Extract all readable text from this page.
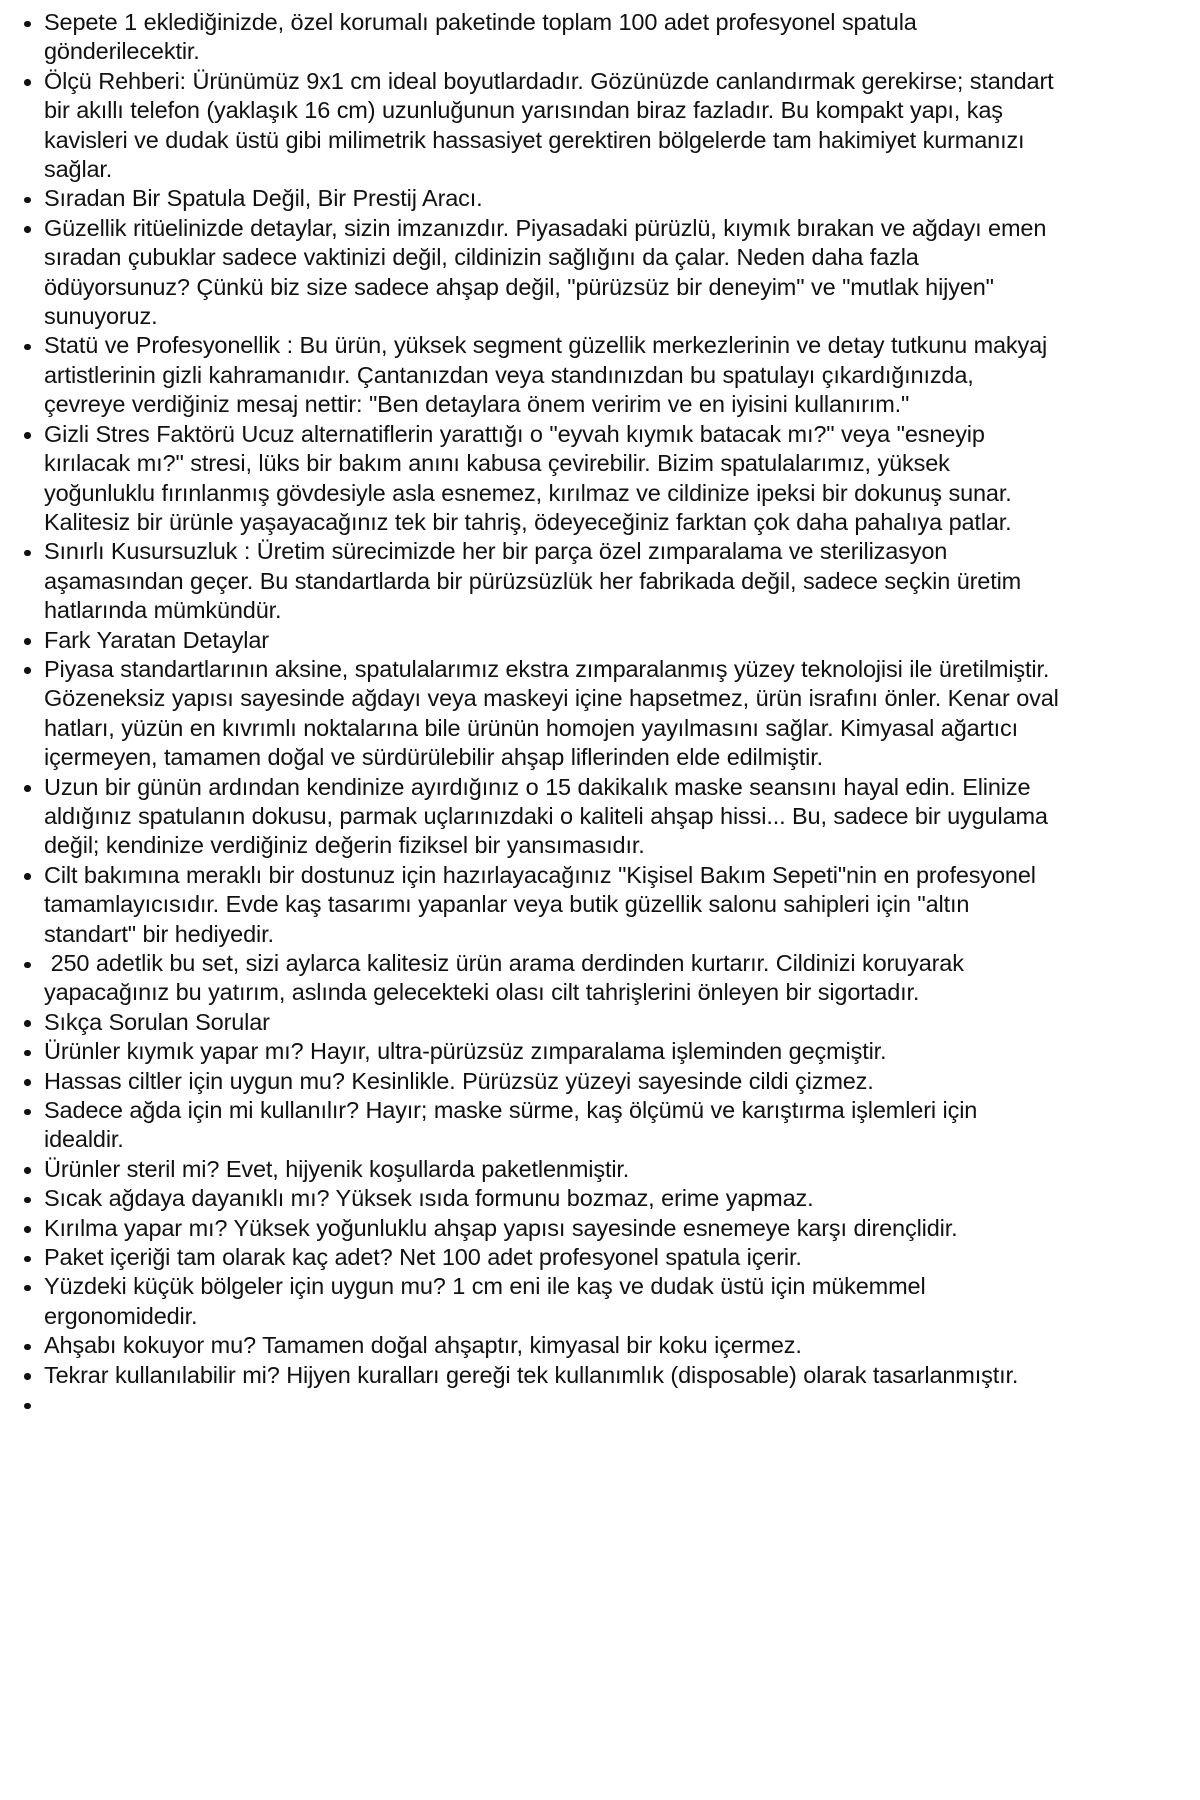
Sepete 1 eklediğinizde, özel korumalı paketinde toplam 100 adet profesyonel spatula gönderilecektir.
Ölçü Rehberi: Ürünümüz 9x1 cm ideal boyutlardadır. Gözünüzde canlandırmak gerekirse; standart bir akıllı telefon (yaklaşık 16 cm) uzunluğunun yarısından biraz fazladır. Bu kompakt yapı, kaş kavisleri ve dudak üstü gibi milimetrik hassasiyet gerektiren bölgelerde tam hakimiyet kurmanızı sağlar.
Sıradan Bir Spatula Değil, Bir Prestij Aracı.
Güzellik ritüelinizde detaylar, sizin imzanızdır. Piyasadaki pürüzlü, kıymık bırakan ve ağdayı emen sıradan çubuklar sadece vaktinizi değil, cildinizin sağlığını da çalar. Neden daha fazla ödüyorsunuz? Çünkü biz size sadece ahşap değil, "pürüzsüz bir deneyim" ve "mutlak hijyen" sunuyoruz.
Statü ve Profesyonellik : Bu ürün, yüksek segment güzellik merkezlerinin ve detay tutkunu makyaj artistlerinin gizli kahramanıdır. Çantanızdan veya standınızdan bu spatulayı çıkardığınızda, çevreye verdiğiniz mesaj nettir: "Ben detaylara önem veririm ve en iyisini kullanırım."
Gizli Stres Faktörü Ucuz alternatiflerin yarattığı o "eyvah kıymık batacak mı?" veya "esneyip kırılacak mı?" stresi, lüks bir bakım anını kabusa çevirebilir. Bizim spatulalarımız, yüksek yoğunluklu fırınlanmış gövdesiyle asla esnemez, kırılmaz ve cildinize ipeksi bir dokunuş sunar. Kalitesiz bir ürünle yaşayacağınız tek bir tahriş, ödeyeceğiniz farktan çok daha pahalıya patlar.
Sınırlı Kusursuzluk : Üretim sürecimizde her bir parça özel zımparalama ve sterilizasyon aşamasından geçer. Bu standartlarda bir pürüzsüzlük her fabrikada değil, sadece seçkin üretim hatlarında mümkündür.
Fark Yaratan Detaylar
Piyasa standartlarının aksine, spatulalarımız ekstra zımparalanmış yüzey teknolojisi ile üretilmiştir. Gözeneksiz yapısı sayesinde ağdayı veya maskeyi içine hapsetmez, ürün israfını önler. Kenar oval hatları, yüzün en kıvrımlı noktalarına bile ürünün homojen yayılmasını sağlar. Kimyasal ağartıcı içermeyen, tamamen doğal ve sürdürülebilir ahşap liflerinden elde edilmiştir.
Uzun bir günün ardından kendinize ayırdığınız o 15 dakikalık maske seansını hayal edin. Elinize aldığınız spatulanın dokusu, parmak uçlarınızdaki o kaliteli ahşap hissi... Bu, sadece bir uygulama değil; kendinize verdiğiniz değerin fiziksel bir yansımasıdır.
Cilt bakımına meraklı bir dostunuz için hazırlayacağınız "Kişisel Bakım Sepeti"nin en profesyonel tamamlayıcısıdır. Evde kaş tasarımı yapanlar veya butik güzellik salonu sahipleri için "altın standart" bir hediyedir.
250 adetlik bu set, sizi aylarca kalitesiz ürün arama derdinden kurtarır. Cildinizi koruyarak yapacağınız bu yatırım, aslında gelecekteki olası cilt tahrişlerini önleyen bir sigortadır.
Sıkça Sorulan Sorular
Ürünler kıymık yapar mı? Hayır, ultra-pürüzsüz zımparalama işleminden geçmiştir.
Hassas ciltler için uygun mu? Kesinlikle. Pürüzsüz yüzeyi sayesinde cildi çizmez.
Sadece ağda için mi kullanılır? Hayır; maske sürme, kaş ölçümü ve karıştırma işlemleri için idealdir.
Ürünler steril mi? Evet, hijyenik koşullarda paketlenmiştir.
Sıcak ağdaya dayanıklı mı? Yüksek ısıda formunu bozmaz, erime yapmaz.
Kırılma yapar mı? Yüksek yoğunluklu ahşap yapısı sayesinde esnemeye karşı dirençlidir.
Paket içeriği tam olarak kaç adet? Net 100 adet profesyonel spatula içerir.
Yüzdeki küçük bölgeler için uygun mu? 1 cm eni ile kaş ve dudak üstü için mükemmel ergonomidedir.
Ahşabı kokuyor mu? Tamamen doğal ahşaptır, kimyasal bir koku içermez.
Tekrar kullanılabilir mi? Hijyen kuralları gereği tek kullanımlık (disposable) olarak tasarlanmıştır.
